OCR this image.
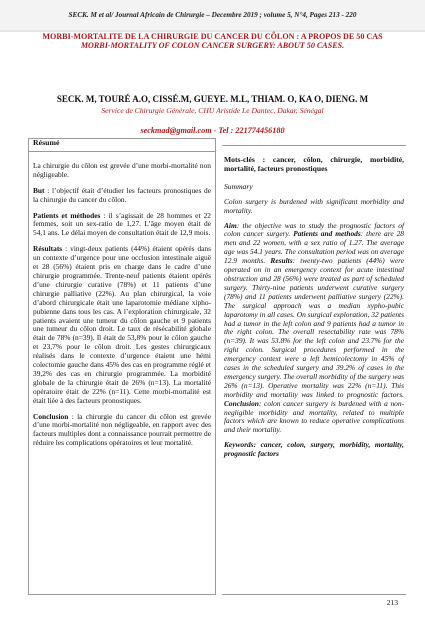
SECK. M et al/ Journal Africain de Chirurgie – Decembre 2019 ; volume 5, N°4, Pages 213 - 220
MORBI-MORTALITE DE LA CHIRURGIE DU CANCER DU CÔLON : A PROPOS DE 50 CAS
MORBI-MORTALITY OF COLON CANCER SURGERY: ABOUT 50 CASES.
SECK. M, TOURÉ A.O, CISSÉ.M, GUEYE. M.L, THIAM. O, KA O, DIENG. M
Service de Chirurgie Générale, CHU Aristide Le Dantec, Dakar, Sénégal
seckmad@gmail.com - Tel : 221774456180
Résumé

La chirurgie du côlon est grevée d’une morbi-mortalité non négligeable.

But : l’objectif était d’étudier les facteurs pronostiques de la chirurgie du cancer du côlon.

Patients et méthodes : il s’agissait de 28 hommes et 22 femmes, soit un sex-ratio de 1,27. L’âge moyen était de 54,1 ans. Le délai moyen de consultation était de 12,9 mois.

Résultats : vingt-deux patients (44%) étaient opérés dans un contexte d’urgence pour une occlusion intestinale aiguë et 28 (56%) étaient pris en charge dans le cadre d’une chirurgie programmée. Trente-neuf patients étaient opérés d’une chirurgie curative (78%) et 11 patients d’une chirurgie palliative (22%). Au plan chirurgical, la voie d’abord chirurgicale était une laparotomie médiane xipho-pubienne dans tous les cas. A l’exploration chirurgicale, 32 patients avaient une tumeur du côlon gauche et 9 patients une tumeur du côlon droit. Le taux de résécabilité globale était de 78% (n=39). Il était de 53,8% pour le côlon gauche et 23,7% pour le côlon droit. Les gestes chirurgicaux réalisés dans le contexte d’urgence étaient une hémi colectomie gauche dans 45% des cas en programme réglé et 39,2% des cas en chirurgie programmée. La morbidité globale de la chirurgie était de 26% (n=13). La mortalité opératoire était de 22% (n=11). Cette morbi-mortalité est était liée à des facteurs pronostiques.

Conclusion : la chirurgie du cancer du côlon est grevée d’une morbi-mortalité non négligeable, en rapport avec des facteurs multiples dont a connaissance pourrait permettre de réduire les complications opératoires et leur mortalité.

Mots-clés : cancer, côlon, chirurgie, morbidité, mortalité, facteurs pronostiques

Summary

Colon surgery is burdened with significant morbidity and mortality.

Aim: the objective was to study the prognostic factors of colon cancer surgery. Patients and methods: there are 28 men and 22 women, with a sex ratio of 1.27. The average age was 54.1 years. The consultation period was on average 12.9 months. Results: twenty-two patients (44%) were operated on in an emergency context for acute intestinal obstruction and 28 (56%) were treated as part of scheduled surgery. Thirty-nine patients underwent curative surgery (78%) and 11 patients underwent palliative surgery (22%). The surgical approach was a median xypho-pubic laparotomy in all cases. On surgical exploration, 32 patients had a tumor in the left colon and 9 patients had a tumor in the right colon. The overall resectability rate was 78% (n=39). It was 53.8% for the left colon and 23.7% for the right colon. Surgical procedures performed in the emergency context were a left hemicolectomy in 45% of cases in the scheduled surgery and 39.2% of cases in the emergency surgery. The overall morbidity of the surgery was 26% (n=13). Operative mortality was 22% (n=11). This morbidity and mortality was linked to prognostic factors. Conclusion: colon cancer surgery is burdened with a non-negligible morbidity and mortality, related to multiple factors which are known to reduce operative complications and their mortality.

Keywords: cancer, colon, surgery, morbidity, mortality, prognostic factors

213
